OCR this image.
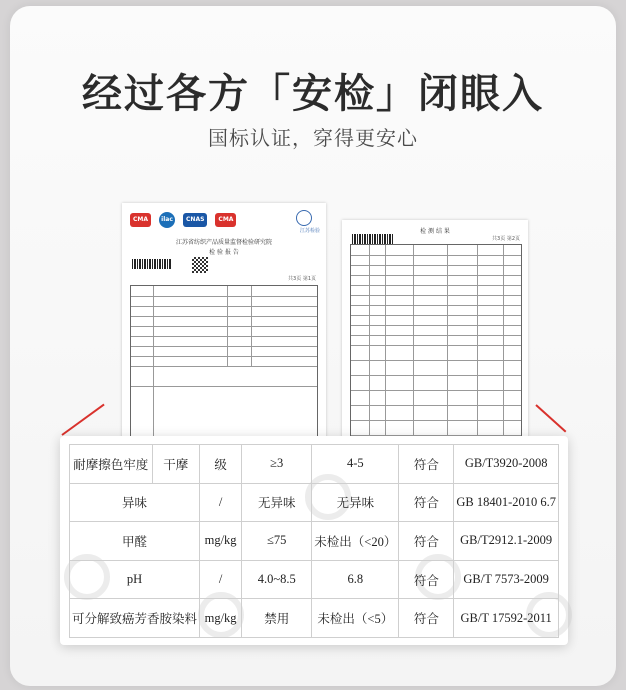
经过各方「安检」闭眼入
国标认证，穿得更安心
CMA	ilac	CNAS	CMA
江苏检验
江苏省纺织产品质量监督检验研究院
检 验 报 告
共3页 第1页
检 测 结 果
共3页 第2页
耐摩擦色牢度	干摩	级	≥3	4-5	符合	GB/T3920-2008
异味		/	无异味	无异味	符合	GB 18401-2010 6.7
甲醛		mg/kg	≤75	未检出（<20）	符合	GB/T2912.1-2009
pH		/	4.0~8.5	6.8	符合	GB/T 7573-2009
可分解致癌芳香胺染料		mg/kg	禁用	未检出（<5）	符合	GB/T 17592-2011
